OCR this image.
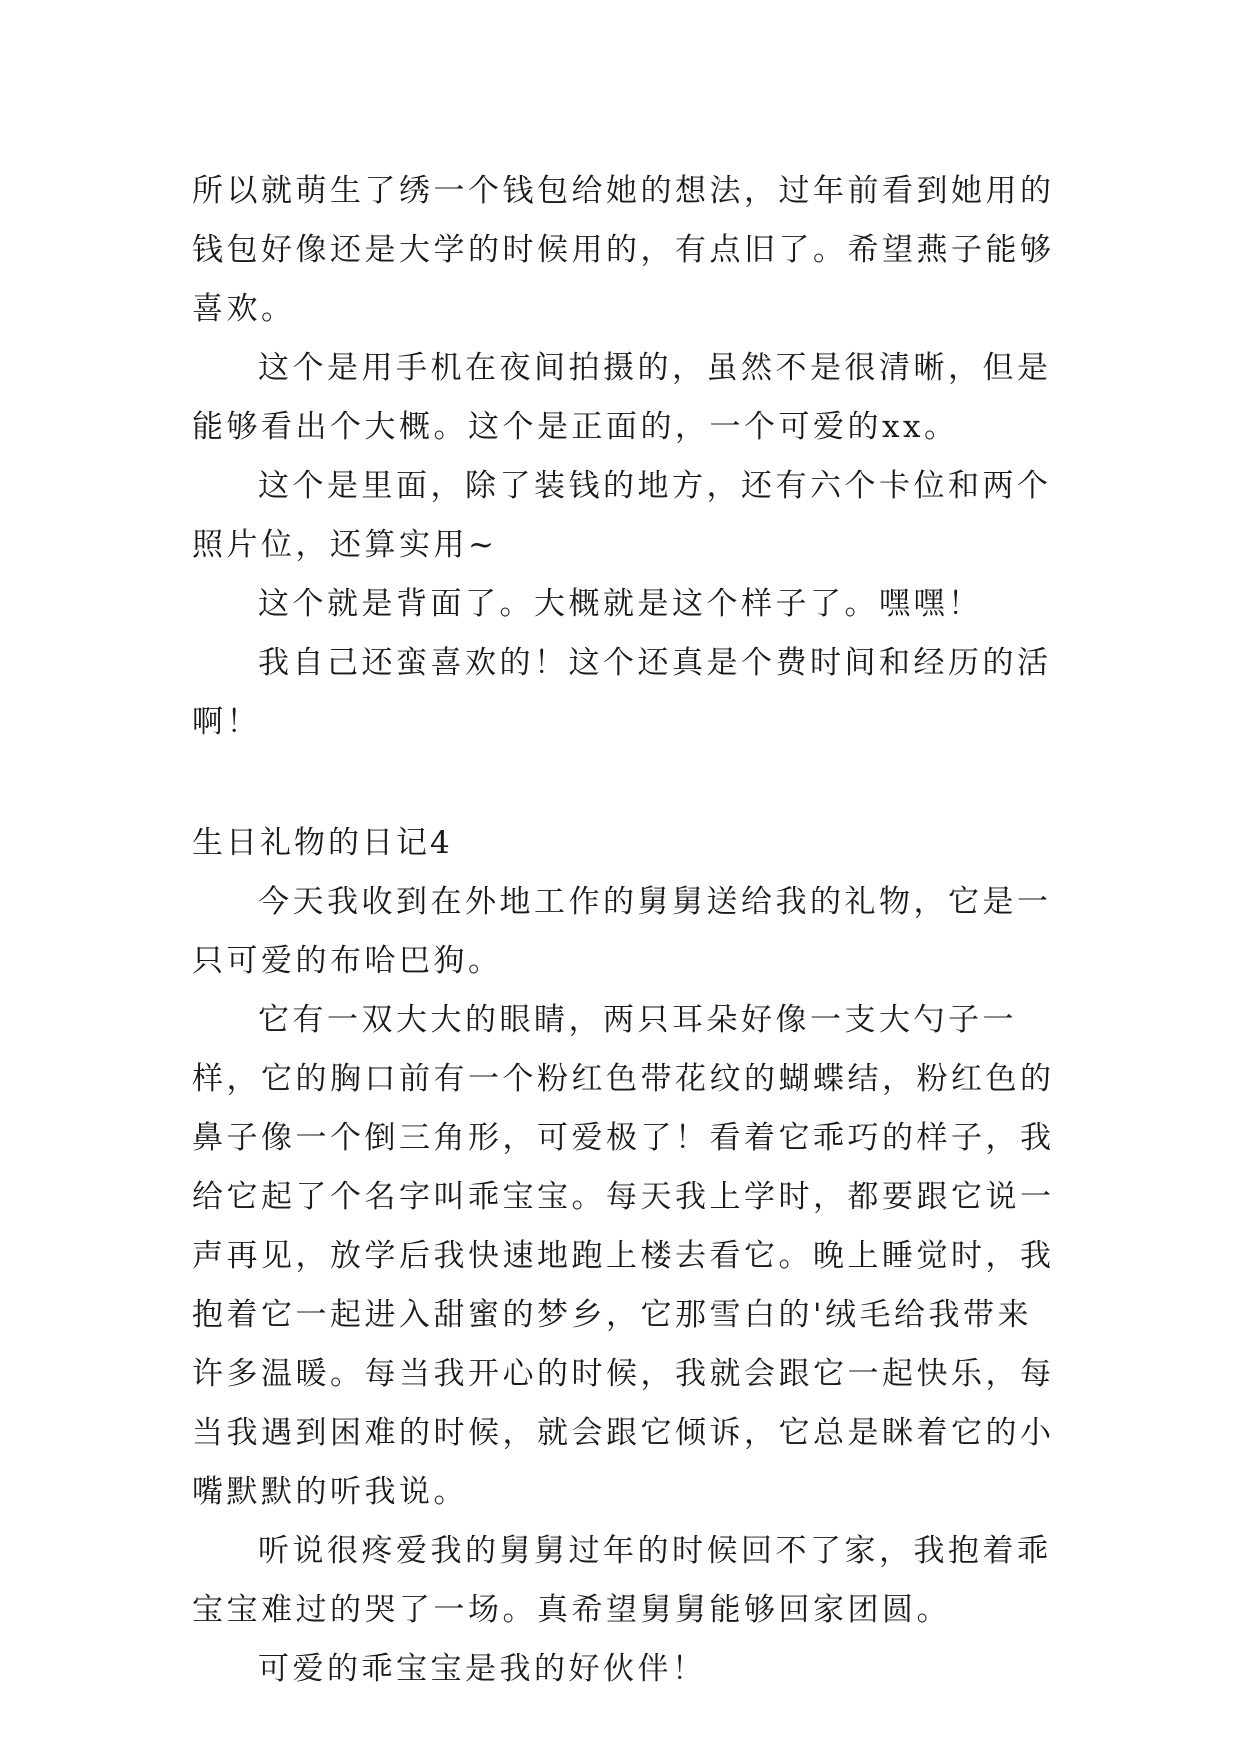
所以就萌生了绣一个钱包给她的想法，过年前看到她用的钱包好像还是大学的时候用的，有点旧了。希望燕子能够喜欢。

这个是用手机在夜间拍摄的，虽然不是很清晰，但是能够看出个大概。这个是正面的，一个可爱的xx。

这个是里面，除了装钱的地方，还有六个卡位和两个照片位，还算实用~

这个就是背面了。大概就是这个样子了。嘿嘿！

我自己还蛮喜欢的！这个还真是个费时间和经历的活啊！

生日礼物的日记4

今天我收到在外地工作的舅舅送给我的礼物，它是一只可爱的布哈巴狗。

它有一双大大的眼睛，两只耳朵好像一支大勺子一样，它的胸口前有一个粉红色带花纹的蝴蝶结，粉红色的鼻子像一个倒三角形，可爱极了！看着它乖巧的样子，我给它起了个名字叫乖宝宝。每天我上学时，都要跟它说一声再见，放学后我快速地跑上楼去看它。晚上睡觉时，我抱着它一起进入甜蜜的梦乡，它那雪白的'绒毛给我带来许多温暖。每当我开心的时候，我就会跟它一起快乐，每当我遇到困难的时候，就会跟它倾诉，它总是眯着它的小嘴默默的听我说。

听说很疼爱我的舅舅过年的时候回不了家，我抱着乖宝宝难过的哭了一场。真希望舅舅能够回家团圆。

可爱的乖宝宝是我的好伙伴！
